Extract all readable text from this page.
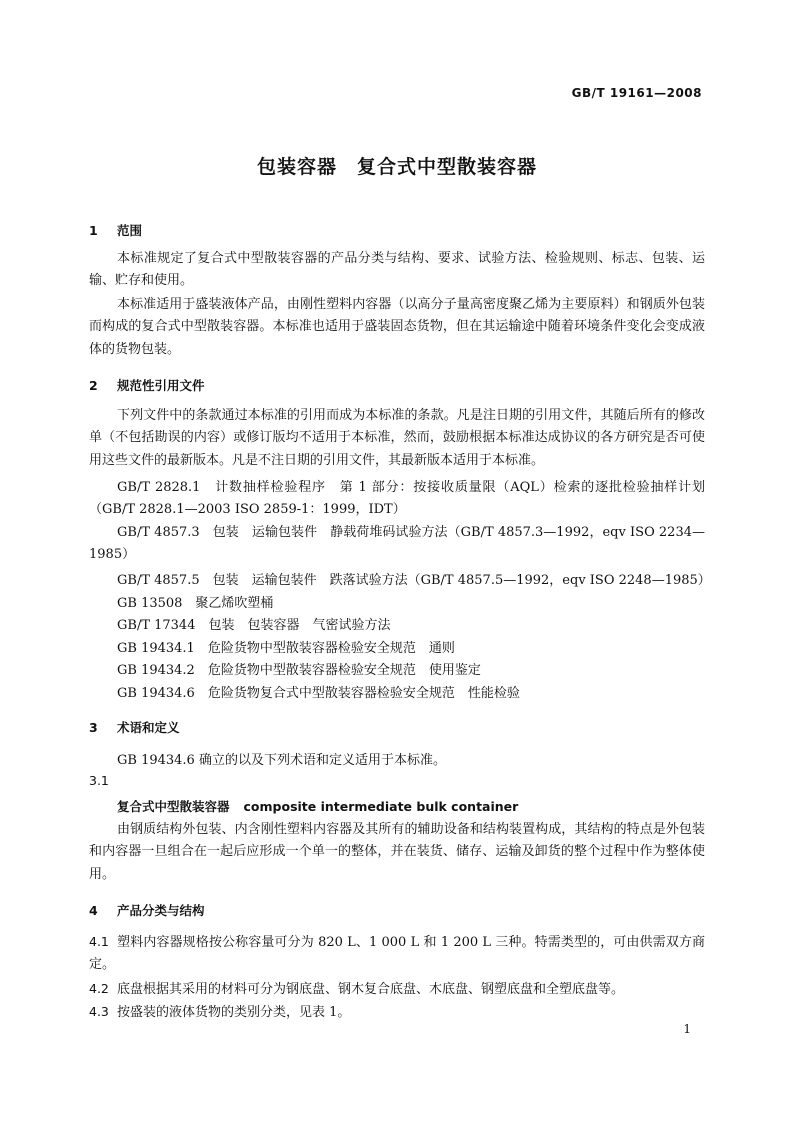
GB/T 19161—2008
包装容器　复合式中型散装容器
1 范围
本标准规定了复合式中型散装容器的产品分类与结构、要求、试验方法、检验规则、标志、包装、运输、贮存和使用。
本标准适用于盛装液体产品，由刚性塑料内容器（以高分子量高密度聚乙烯为主要原料）和钢质外包装而构成的复合式中型散装容器。本标准也适用于盛装固态货物，但在其运输途中随着环境条件变化会变成液体的货物包装。
2 规范性引用文件
下列文件中的条款通过本标准的引用而成为本标准的条款。凡是注日期的引用文件，其随后所有的修改单（不包括勘误的内容）或修订版均不适用于本标准，然而，鼓励根据本标准达成协议的各方研究是否可使用这些文件的最新版本。凡是不注日期的引用文件，其最新版本适用于本标准。
GB/T 2828.1　计数抽样检验程序　第 1 部分：按接收质量限（AQL）检索的逐批检验抽样计划（GB/T 2828.1—2003 ISO 2859-1：1999，IDT）
GB/T 4857.3　包装　运输包装件　静载荷堆码试验方法（GB/T 4857.3—1992，eqv ISO 2234—1985）
GB/T 4857.5　包装　运输包装件　跌落试验方法（GB/T 4857.5—1992，eqv ISO 2248—1985）
GB 13508　聚乙烯吹塑桶
GB/T 17344　包装　包装容器　气密试验方法
GB 19434.1　危险货物中型散装容器检验安全规范　通则
GB 19434.2　危险货物中型散装容器检验安全规范　使用鉴定
GB 19434.6　危险货物复合式中型散装容器检验安全规范　性能检验
3 术语和定义
GB 19434.6 确立的以及下列术语和定义适用于本标准。
3.1
复合式中型散装容器 composite intermediate bulk container
由钢质结构外包装、内含刚性塑料内容器及其所有的辅助设备和结构装置构成，其结构的特点是外包装和内容器一旦组合在一起后应形成一个单一的整体，并在装货、储存、运输及卸货的整个过程中作为整体使用。
4 产品分类与结构
4.1 塑料内容器规格按公称容量可分为 820 L、1 000 L 和 1 200 L 三种。特需类型的，可由供需双方商定。
4.2 底盘根据其采用的材料可分为钢底盘、钢木复合底盘、木底盘、钢塑底盘和全塑底盘等。
4.3 按盛装的液体货物的类别分类，见表 1。
1
